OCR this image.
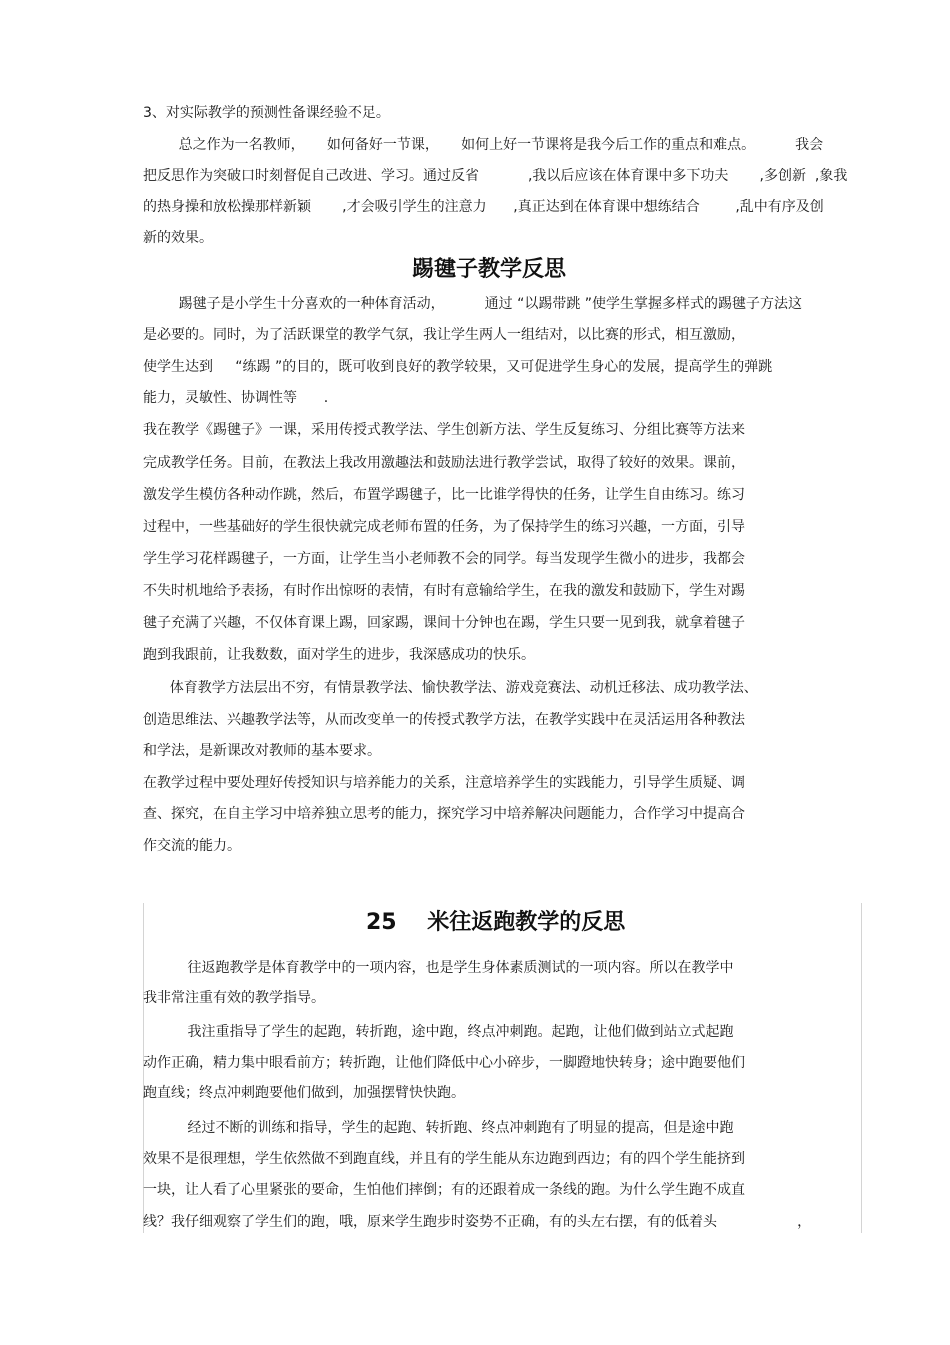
3、对实际教学的预测性备课经验不足。

总之作为一名教师，     如何备好一节课，     如何上好一节课将是我今后工作的重点和难点。         我会

把反思作为突破口时刻督促自己改进、学习。通过反省           ,我以后应该在体育课中多下功夫       ,多创新  ,象我

的热身操和放松操那样新颖       ,才会吸引学生的注意力      ,真正达到在体育课中想练结合        ,乱中有序及创

新的效果。

踢毽子教学反思

踢毽子是小学生十分喜欢的一种体育活动，         通过 “以踢带跳 ”使学生掌握多样式的踢毽子方法这

是必要的。同时，为了活跃课堂的教学气氛，我让学生两人一组结对，以比赛的形式，相互激励，

使学生达到     “练踢 ”的目的，既可收到良好的教学较果，又可促进学生身心的发展，提高学生的弹跳

能力，灵敏性、协调性等      .

我在教学《踢毽子》一课，采用传授式教学法、学生创新方法、学生反复练习、分组比赛等方法来

完成教学任务。目前，在教法上我改用激趣法和鼓励法进行教学尝试，取得了较好的效果。课前，

激发学生模仿各种动作跳，然后，布置学踢毽子，比一比谁学得快的任务，让学生自由练习。练习

过程中，一些基础好的学生很快就完成老师布置的任务，为了保持学生的练习兴趣，一方面，引导

学生学习花样踢毽子，一方面，让学生当小老师教不会的同学。每当发现学生微小的进步，我都会

不失时机地给予表扬，有时作出惊呀的表情，有时有意输给学生，在我的激发和鼓励下，学生对踢

毽子充满了兴趣，不仅体育课上踢，回家踢，课间十分钟也在踢，学生只要一见到我，就拿着毽子

跑到我跟前，让我数数，面对学生的进步，我深感成功的快乐。

体育教学方法层出不穷，有情景教学法、愉快教学法、游戏竞赛法、动机迁移法、成功教学法、

创造思维法、兴趣教学法等，从而改变单一的传授式教学方法，在教学实践中在灵活运用各种教法

和学法，是新课改对教师的基本要求。

在教学过程中要处理好传授知识与培养能力的关系，注意培养学生的实践能力，引导学生质疑、调

查、探究，在自主学习中培养独立思考的能力，探究学习中培养解决问题能力，合作学习中提高合

作交流的能力。

25    米往返跑教学的反思

往返跑教学是体育教学中的一项内容，也是学生身体素质测试的一项内容。所以在教学中

我非常注重有效的教学指导。

我注重指导了学生的起跑，转折跑，途中跑，终点冲刺跑。起跑，让他们做到站立式起跑

动作正确，精力集中眼看前方；转折跑，让他们降低中心小碎步，一脚蹬地快转身；途中跑要他们

跑直线；终点冲刺跑要他们做到，加强摆臂快快跑。

经过不断的训练和指导，学生的起跑、转折跑、终点冲刺跑有了明显的提高，但是途中跑

效果不是很理想，学生依然做不到跑直线，并且有的学生能从东边跑到西边；有的四个学生能挤到

一块，让人看了心里紧张的要命，生怕他们摔倒；有的还跟着成一条线的跑。为什么学生跑不成直

线？我仔细观察了学生们的跑，哦，原来学生跑步时姿势不正确，有的头左右摆，有的低着头                  ，
